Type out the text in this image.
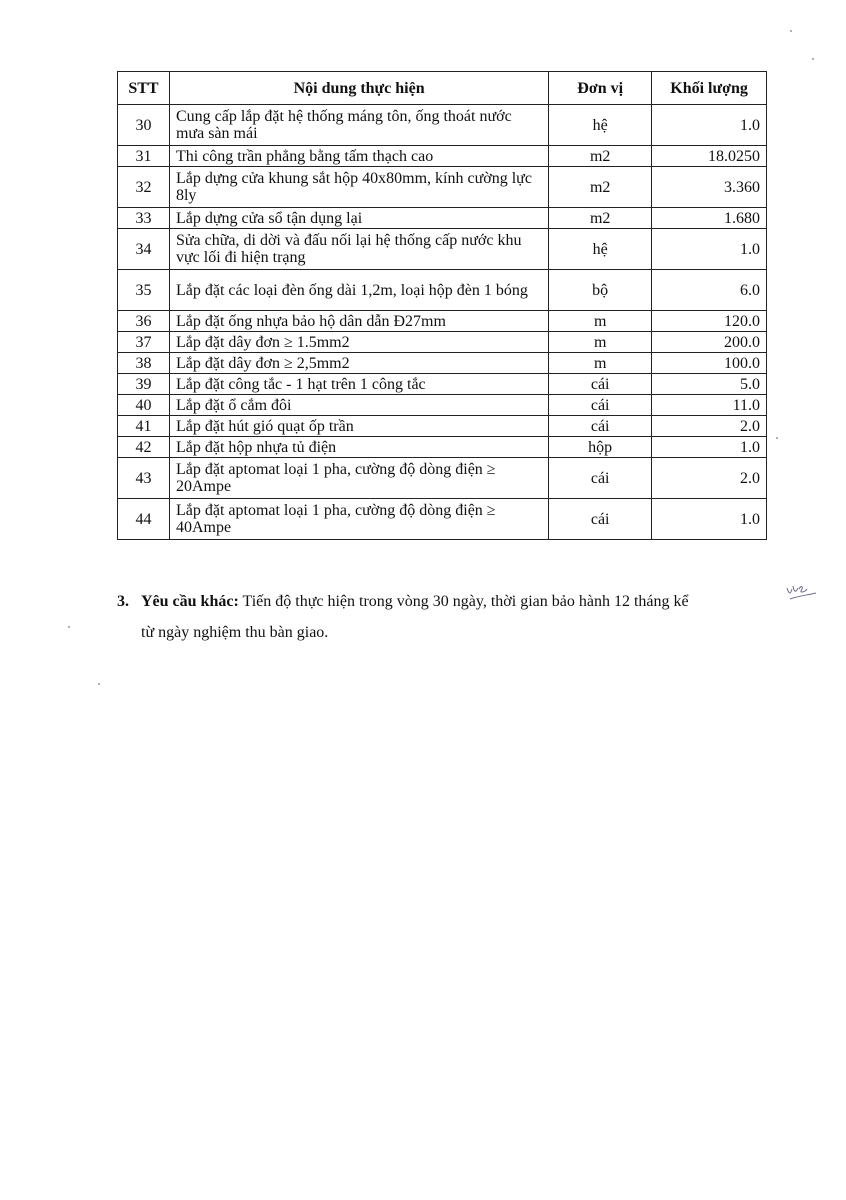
STT	Nội dung thực hiện	Đơn vị	Khối lượng
30	Cung cấp lắp đặt hệ thống máng tôn, ống thoát nước mưa sàn mái	hệ	1.0
31	Thi công trần phẳng bằng tấm thạch cao	m2	18.0250
32	Lắp dựng cửa khung sắt hộp 40x80mm, kính cường lực 8ly	m2	3.360
33	Lắp dựng cửa sổ tận dụng lại	m2	1.680
34	Sửa chữa, di dời và đấu nối lại hệ thống cấp nước khu vực lối đi hiện trạng	hệ	1.0
35	Lắp đặt các loại đèn ống dài 1,2m, loại hộp đèn 1 bóng	bộ	6.0
36	Lắp đặt ống nhựa bảo hộ dân dẫn Đ27mm	m	120.0
37	Lắp đặt dây đơn ≥ 1.5mm2	m	200.0
38	Lắp đặt dây đơn ≥ 2,5mm2	m	100.0
39	Lắp đặt công tắc - 1 hạt trên 1 công tắc	cái	5.0
40	Lắp đặt ổ cắm đôi	cái	11.0
41	Lắp đặt hút gió quạt ốp trần	cái	2.0
42	Lắp đặt hộp nhựa tủ điện	hộp	1.0
43	Lắp đặt aptomat loại 1 pha, cường độ dòng điện ≥ 20Ampe	cái	2.0
44	Lắp đặt aptomat loại 1 pha, cường độ dòng điện ≥ 40Ampe	cái	1.0
3. Yêu cầu khác: Tiến độ thực hiện trong vòng 30 ngày, thời gian bảo hành 12 tháng kể
từ ngày nghiệm thu bàn giao.
